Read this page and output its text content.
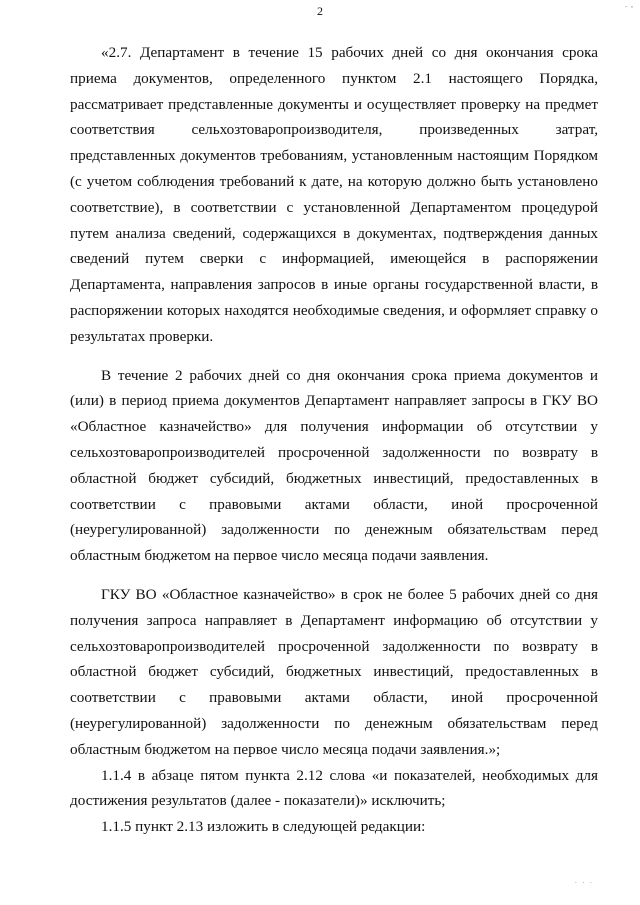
. ,
2

«2.7. Департамент в течение 15 рабочих дней со дня окончания срока приема документов, определенного пунктом 2.1 настоящего Порядка, рассматривает представленные документы и осуществляет проверку на предмет соответствия сельхозтоваропроизводителя, произведенных затрат, представленных документов требованиям, установленным настоящим Порядком (с учетом соблюдения требований к дате, на которую должно быть установлено соответствие), в соответствии с установленной Департаментом процедурой путем анализа сведений, содержащихся в документах, подтверждения данных сведений путем сверки с информацией, имеющейся в распоряжении Департамента, направления запросов в иные органы государственной власти, в распоряжении которых находятся необходимые сведения, и оформляет справку о результатах проверки.

В течение 2 рабочих дней со дня окончания срока приема документов и (или) в период приема документов Департамент направляет запросы в ГКУ ВО «Областное казначейство» для получения информации об отсутствии у сельхозтоваропроизводителей просроченной задолженности по возврату в областной бюджет субсидий, бюджетных инвестиций, предоставленных в соответствии с правовыми актами области, иной просроченной (неурегулированной) задолженности по денежным обязательствам перед областным бюджетом на первое число месяца подачи заявления.

ГКУ ВО «Областное казначейство» в срок не более 5 рабочих дней со дня получения запроса направляет в Департамент информацию об отсутствии у сельхозтоваропроизводителей просроченной задолженности по возврату в областной бюджет субсидий, бюджетных инвестиций, предоставленных в соответствии с правовыми актами области, иной просроченной (неурегулированной) задолженности по денежным обязательствам перед областным бюджетом на первое число месяца подачи заявления.»;

1.1.4 в абзаце пятом пункта 2.12 слова «и показателей, необходимых для достижения результатов (далее - показатели)» исключить;

1.1.5 пункт 2.13 изложить в следующей редакции:

. . .
